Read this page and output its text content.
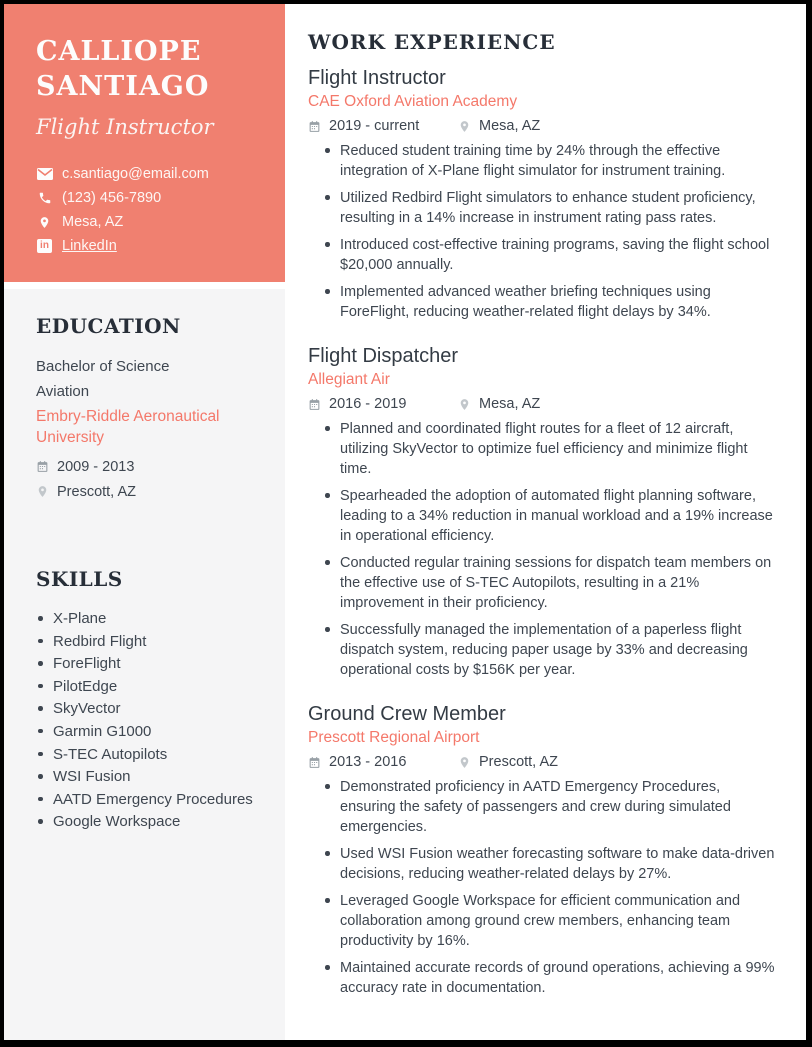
CALLIOPE SANTIAGO
Flight Instructor
c.santiago@email.com
(123) 456-7890
Mesa, AZ
in LinkedIn
EDUCATION
Bachelor of Science
Aviation
Embry-Riddle Aeronautical University
2009 - 2013
Prescott, AZ
SKILLS
X-Plane
Redbird Flight
ForeFlight
PilotEdge
SkyVector
Garmin G1000
S-TEC Autopilots
WSI Fusion
AATD Emergency Procedures
Google Workspace
WORK EXPERIENCE
Flight Instructor
CAE Oxford Aviation Academy
2019 - current	Mesa, AZ
Reduced student training time by 24% through the effective integration of X-Plane flight simulator for instrument training.
Utilized Redbird Flight simulators to enhance student proficiency, resulting in a 14% increase in instrument rating pass rates.
Introduced cost-effective training programs, saving the flight school $20,000 annually.
Implemented advanced weather briefing techniques using ForeFlight, reducing weather-related flight delays by 34%.
Flight Dispatcher
Allegiant Air
2016 - 2019	Mesa, AZ
Planned and coordinated flight routes for a fleet of 12 aircraft, utilizing SkyVector to optimize fuel efficiency and minimize flight time.
Spearheaded the adoption of automated flight planning software, leading to a 34% reduction in manual workload and a 19% increase in operational efficiency.
Conducted regular training sessions for dispatch team members on the effective use of S-TEC Autopilots, resulting in a 21% improvement in their proficiency.
Successfully managed the implementation of a paperless flight dispatch system, reducing paper usage by 33% and decreasing operational costs by $156K per year.
Ground Crew Member
Prescott Regional Airport
2013 - 2016	Prescott, AZ
Demonstrated proficiency in AATD Emergency Procedures, ensuring the safety of passengers and crew during simulated emergencies.
Used WSI Fusion weather forecasting software to make data-driven decisions, reducing weather-related delays by 27%.
Leveraged Google Workspace for efficient communication and collaboration among ground crew members, enhancing team productivity by 16%.
Maintained accurate records of ground operations, achieving a 99% accuracy rate in documentation.
